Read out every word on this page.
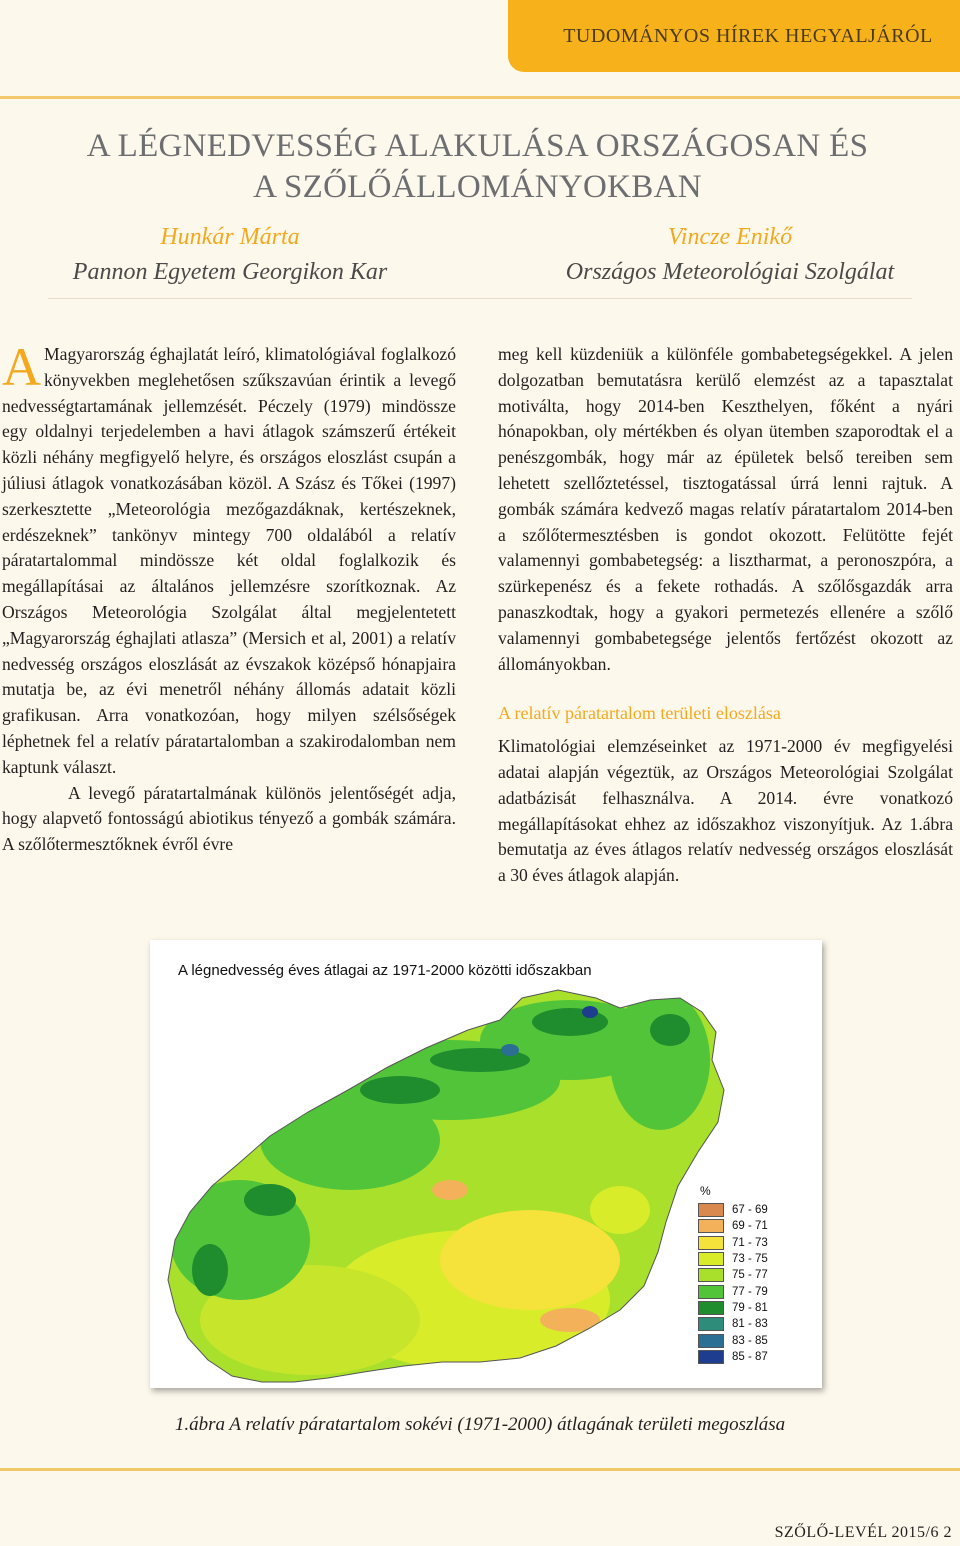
TUDOMÁNYOS HÍREK HEGYALJÁRÓL
A LÉGNEDVESSÉG ALAKULÁSA ORSZÁGOSAN ÉS
A SZŐLŐÁLLOMÁNYOKBAN
Hunkár Márta
Pannon Egyetem Georgikon Kar
Vincze Enikő
Országos Meteorológiai Szolgálat

A Magyarország éghajlatát leíró, klimatológiával foglalkozó könyvekben meglehetősen szűkszavúan érintik a levegő nedvességtartamának jellemzését. Péczely (1979) mindössze egy oldalnyi terjedelemben a havi átlagok számszerű értékeit közli néhány megfigyelő helyre, és országos eloszlást csupán a júliusi átlagok vonatkozásában közöl. A Szász és Tőkei (1997) szerkesztette „Meteorológia mezőgazdáknak, kertészeknek, erdészeknek” tankönyv mintegy 700 oldalából a relatív páratartalommal mindössze két oldal foglalkozik és megállapításai az általános jellemzésre szorítkoznak. Az Országos Meteorológia Szolgálat által megjelentetett „Magyarország éghajlati atlasza” (Mersich et al, 2001) a relatív nedvesség országos eloszlását az évszakok középső hónapjaira mutatja be, az évi menetről néhány állomás adatait közli grafikusan. Arra vonatkozóan, hogy milyen szélsőségek léphetnek fel a relatív páratartalomban a szakirodalomban nem kaptunk választ.

A levegő páratartalmának különös jelentőségét adja, hogy alapvető fontosságú abiotikus tényező a gombák számára. A szőlőtermesztőknek évről évre

meg kell küzdeniük a különféle gombabetegségekkel. A jelen dolgozatban bemutatásra kerülő elemzést az a tapasztalat motiválta, hogy 2014-ben Keszthelyen, főként a nyári hónapokban, oly mértékben és olyan ütemben szaporodtak el a penészgombák, hogy már az épületek belső tereiben sem lehetett szellőztetéssel, tisztogatással úrrá lenni rajtuk. A gombák számára kedvező magas relatív páratartalom 2014-ben a szőlőtermesztésben is gondot okozott. Felütötte fejét valamennyi gombabetegség: a lisztharmat, a peronoszpóra, a szürkepenész és a fekete rothadás. A szőlősgazdák arra panaszkodtak, hogy a gyakori permetezés ellenére a szőlő valamennyi gombabetegsége jelentős fertőzést okozott az állományokban.

A relatív páratartalom területi eloszlása

Klimatológiai elemzéseinket az 1971-2000 év megfigyelési adatai alapján végeztük, az Országos Meteorológiai Szolgálat adatbázisát felhasználva. A 2014. évre vonatkozó megállapításokat ehhez az időszakhoz viszonyítjuk. Az 1.ábra bemutatja az éves átlagos relatív nedvesség országos eloszlását a 30 éves átlagok alapján.

A légnedvesség éves átlagai az 1971-2000 közötti időszakban
%
67 - 69
69 - 71
71 - 73
73 - 75
75 - 77
77 - 79
79 - 81
81 - 83
83 - 85
85 - 87
1.ábra A relatív páratartalom sokévi (1971-2000) átlagának területi megoszlása
SZŐLŐ-LEVÉL 2015/6 2
